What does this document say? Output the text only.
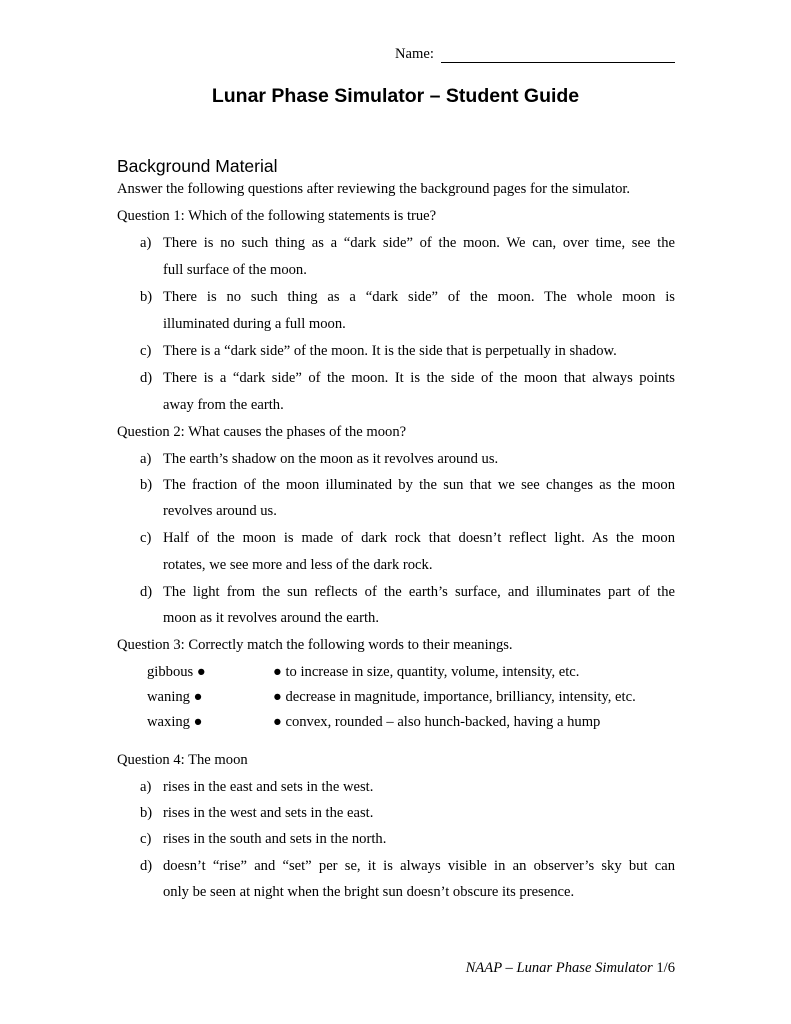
Name:
Lunar Phase Simulator – Student Guide
Background Material
Answer the following questions after reviewing the background pages for the simulator.
Question 1: Which of the following statements is true?
a) There is no such thing as a “dark side” of the moon. We can, over time, see the
full surface of the moon.
b) There is no such thing as a “dark side” of the moon. The whole moon is
illuminated during a full moon.
c) There is a “dark side” of the moon. It is the side that is perpetually in shadow.
d) There is a “dark side” of the moon. It is the side of the moon that always points
away from the earth.
Question 2: What causes the phases of the moon?
a) The earth’s shadow on the moon as it revolves around us.
b) The fraction of the moon illuminated by the sun that we see changes as the moon
revolves around us.
c) Half of the moon is made of dark rock that doesn’t reflect light. As the moon
rotates, we see more and less of the dark rock.
d) The light from the sun reflects of the earth’s surface, and illuminates part of the
moon as it revolves around the earth.
Question 3: Correctly match the following words to their meanings.
gibbous ●	● to increase in size, quantity, volume, intensity, etc.
waning ●	● decrease in magnitude, importance, brilliancy, intensity, etc.
waxing ●	● convex, rounded – also hunch-backed, having a hump
Question 4: The moon
a) rises in the east and sets in the west.
b) rises in the west and sets in the east.
c) rises in the south and sets in the north.
d) doesn’t “rise” and “set” per se, it is always visible in an observer’s sky but can
only be seen at night when the bright sun doesn’t obscure its presence.
NAAP – Lunar Phase Simulator 1/6
